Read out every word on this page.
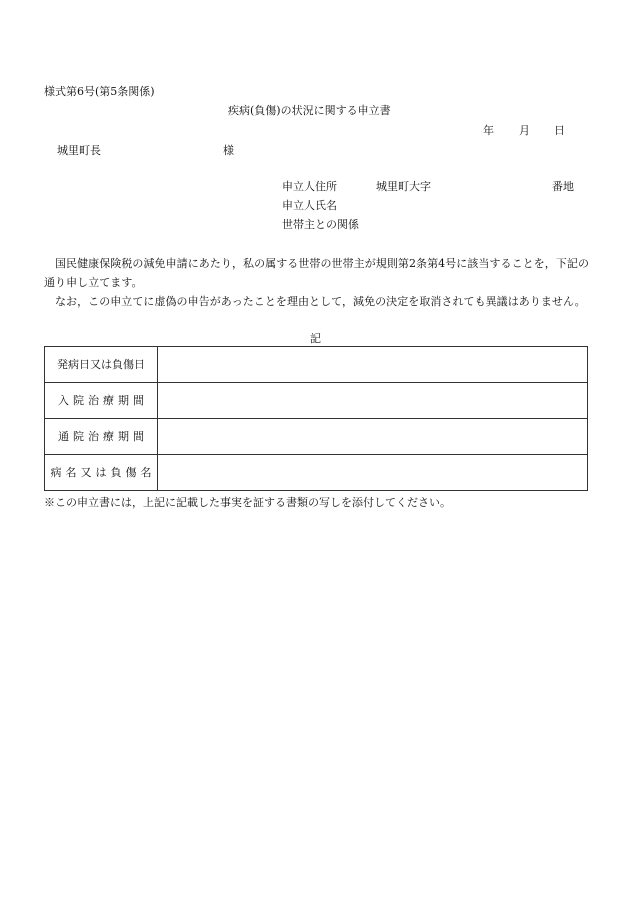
様式第6号(第5条関係)
疾病(負傷)の状況に関する申立書
年 月 日
城里町長	様
申立人住所	城里町大字	番地
申立人氏名
世帯主との関係
国民健康保険税の減免申請にあたり，私の属する世帯の世帯主が規則第2条第4号に該当することを，下記の通り申し立てます。
なお，この申立てに虚偽の申告があったことを理由として，減免の決定を取消されても異議はありません。
記
発病日又は負傷日	
入院治療期間	
通院治療期間	
病名又は負傷名	
※この申立書には，上記に記載した事実を証する書類の写しを添付してください。
